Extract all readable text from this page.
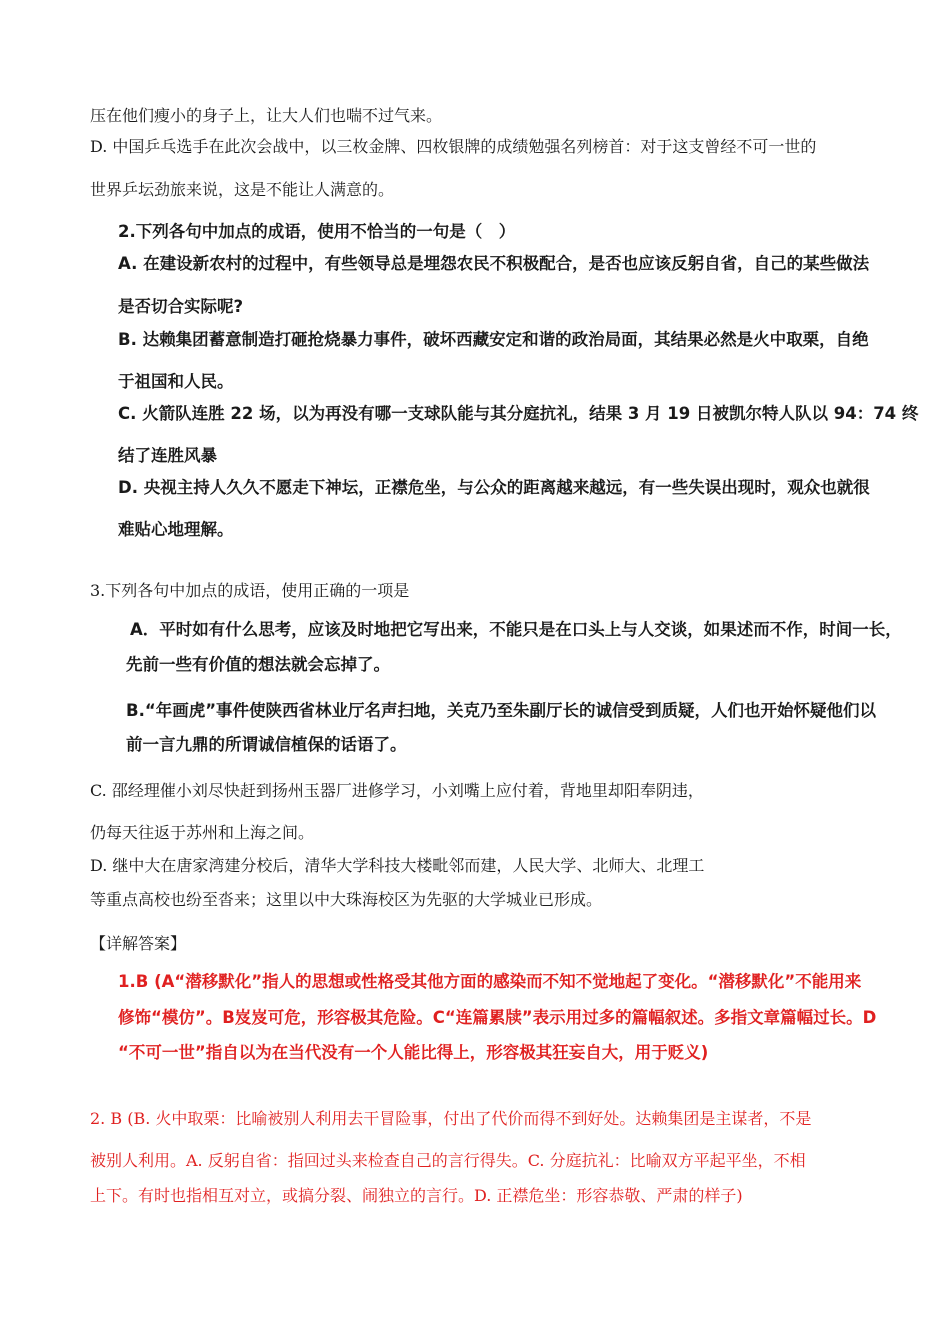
压在他们瘦小的身子上，让大人们也喘不过气来。
D. 中国乒乓选手在此次会战中，以三枚金牌、四枚银牌的成绩勉强名列榜首：对于这支曾经不可一世的
世界乒坛劲旅来说，这是不能让人满意的。
2.下列各句中加点的成语，使用不恰当的一句是（　）
A. 在建设新农村的过程中，有些领导总是埋怨农民不积极配合，是否也应该反躬自省，自己的某些做法
是否切合实际呢?
B. 达赖集团蓄意制造打砸抢烧暴力事件，破坏西藏安定和谐的政治局面，其结果必然是火中取栗，自绝
于祖国和人民。
C. 火箭队连胜 22 场，以为再没有哪一支球队能与其分庭抗礼，结果 3 月 19 日被凯尔特人队以 94：74 终
结了连胜风暴
D. 央视主持人久久不愿走下神坛，正襟危坐，与公众的距离越来越远，有一些失误出现时，观众也就很
难贴心地理解。
3.下列各句中加点的成语，使用正确的一项是
A．平时如有什么思考，应该及时地把它写出来，不能只是在口头上与人交谈，如果述而不作，时间一长，
先前一些有价值的想法就会忘掉了。
B.“年画虎”事件使陕西省林业厅名声扫地，关克乃至朱副厅长的诚信受到质疑，人们也开始怀疑他们以
前一言九鼎的所谓诚信植保的话语了。
C. 邵经理催小刘尽快赶到扬州玉器厂进修学习，小刘嘴上应付着，背地里却阳奉阴违，
仍每天往返于苏州和上海之间。
D. 继中大在唐家湾建分校后，清华大学科技大楼毗邻而建，人民大学、北师大、北理工
等重点高校也纷至沓来；这里以中大珠海校区为先驱的大学城业已形成。
【详解答案】
1.B (A“潜移默化”指人的思想或性格受其他方面的感染而不知不觉地起了变化。“潜移默化”不能用来
修饰“模仿”。B岌岌可危，形容极其危险。C“连篇累牍”表示用过多的篇幅叙述。多指文章篇幅过长。D
“不可一世”指自以为在当代没有一个人能比得上，形容极其狂妄自大，用于贬义)
2. B (B. 火中取栗：比喻被别人利用去干冒险事，付出了代价而得不到好处。达赖集团是主谋者，不是
被别人利用。A. 反躬自省：指回过头来检查自己的言行得失。C. 分庭抗礼：比喻双方平起平坐，不相
上下。有时也指相互对立，或搞分裂、闹独立的言行。D. 正襟危坐：形容恭敬、严肃的样子)
